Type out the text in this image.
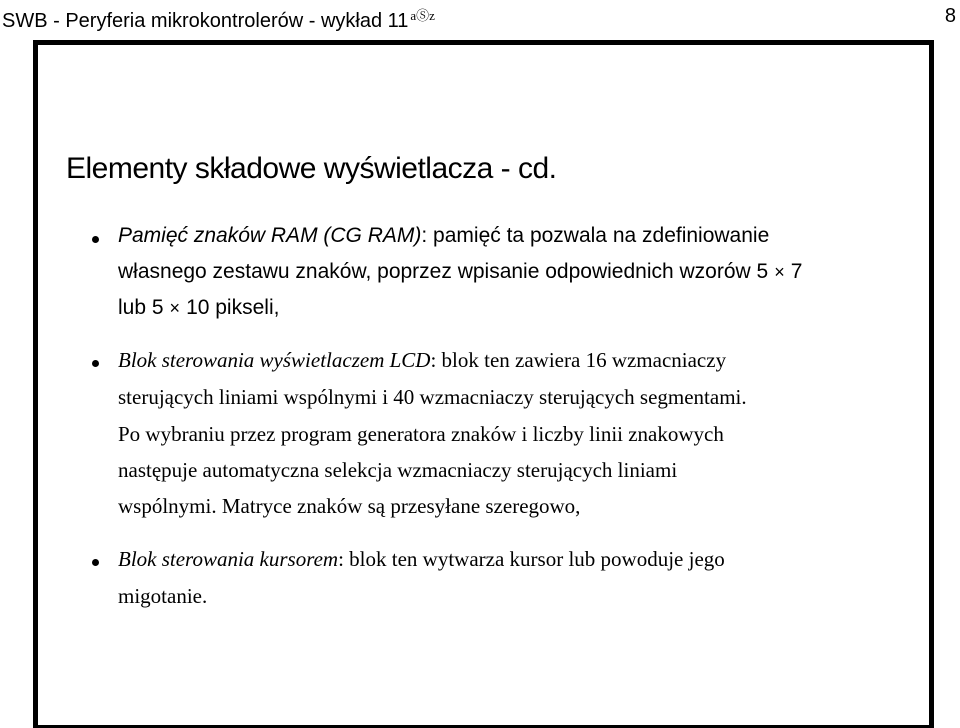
SWB - Peryferia mikrokontrolerów - wykład 11 $^{aⓈz}$	8
Elementy składowe wyświetlacza - cd.
Pamięć znaków RAM (CG RAM): pamięć ta pozwala na zdefiniowanie
własnego zestawu znaków, poprzez wpisanie odpowiednich wzorów 5 × 7
lub 5 × 10 pikseli,
Blok sterowania wyświetlaczem LCD: blok ten zawiera 16 wzmacniaczy
sterujących liniami wspólnymi i 40 wzmacniaczy sterujących segmentami.
Po wybraniu przez program generatora znaków i liczby linii znakowych
następuje automatyczna selekcja wzmacniaczy sterujących liniami
wspólnymi. Matryce znaków są przesyłane szeregowo,
Blok sterowania kursorem: blok ten wytwarza kursor lub powoduje jego
migotanie.
